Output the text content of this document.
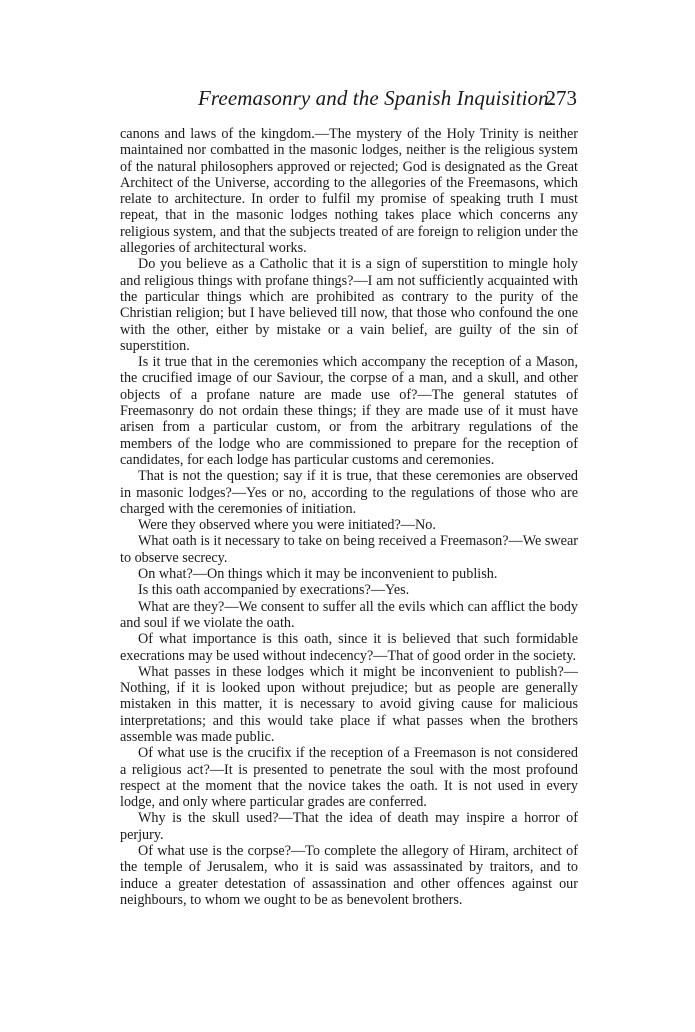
Freemasonry and the Spanish Inquisition.
273

canons and laws of the kingdom.—The mystery of the Holy Trinity is neither maintained nor combatted in the masonic lodges, neither is the religious system of the natural philosophers approved or rejected; God is designated as the Great Architect of the Universe, according to the allegories of the Freemasons, which relate to architecture. In order to fulfil my promise of speaking truth I must repeat, that in the masonic lodges nothing takes place which concerns any religious system, and that the subjects treated of are foreign to religion under the allegories of architectural works.

Do you believe as a Catholic that it is a sign of superstition to mingle holy and religious things with profane things?—I am not sufficiently acquainted with the particular things which are prohibited as contrary to the purity of the Christian religion; but I have believed till now, that those who confound the one with the other, either by mistake or a vain belief, are guilty of the sin of superstition.

Is it true that in the ceremonies which accompany the reception of a Mason, the crucified image of our Saviour, the corpse of a man, and a skull, and other objects of a profane nature are made use of?—The general statutes of Freemasonry do not ordain these things; if they are made use of it must have arisen from a particular custom, or from the arbitrary regulations of the members of the lodge who are commissioned to prepare for the reception of candidates, for each lodge has particular customs and ceremonies.

That is not the question; say if it is true, that these ceremonies are observed in masonic lodges?—Yes or no, according to the regulations of those who are charged with the ceremonies of initiation.

Were they observed where you were initiated?—No.

What oath is it necessary to take on being received a Freemason?—We swear to observe secrecy.

On what?—On things which it may be inconvenient to publish.

Is this oath accompanied by execrations?—Yes.

What are they?—We consent to suffer all the evils which can afflict the body and soul if we violate the oath.

Of what importance is this oath, since it is believed that such formidable execrations may be used without indecency?—That of good order in the society.

What passes in these lodges which it might be inconvenient to publish?—Nothing, if it is looked upon without prejudice; but as people are generally mistaken in this matter, it is necessary to avoid giving cause for malicious interpretations; and this would take place if what passes when the brothers assemble was made public.

Of what use is the crucifix if the reception of a Freemason is not considered a religious act?—It is presented to penetrate the soul with the most profound respect at the moment that the novice takes the oath. It is not used in every lodge, and only where particular grades are conferred.

Why is the skull used?—That the idea of death may inspire a horror of perjury.

Of what use is the corpse?—To complete the allegory of Hiram, architect of the temple of Jerusalem, who it is said was assassinated by traitors, and to induce a greater detestation of assassination and other offences against our neighbours, to whom we ought to be as benevolent brothers.
